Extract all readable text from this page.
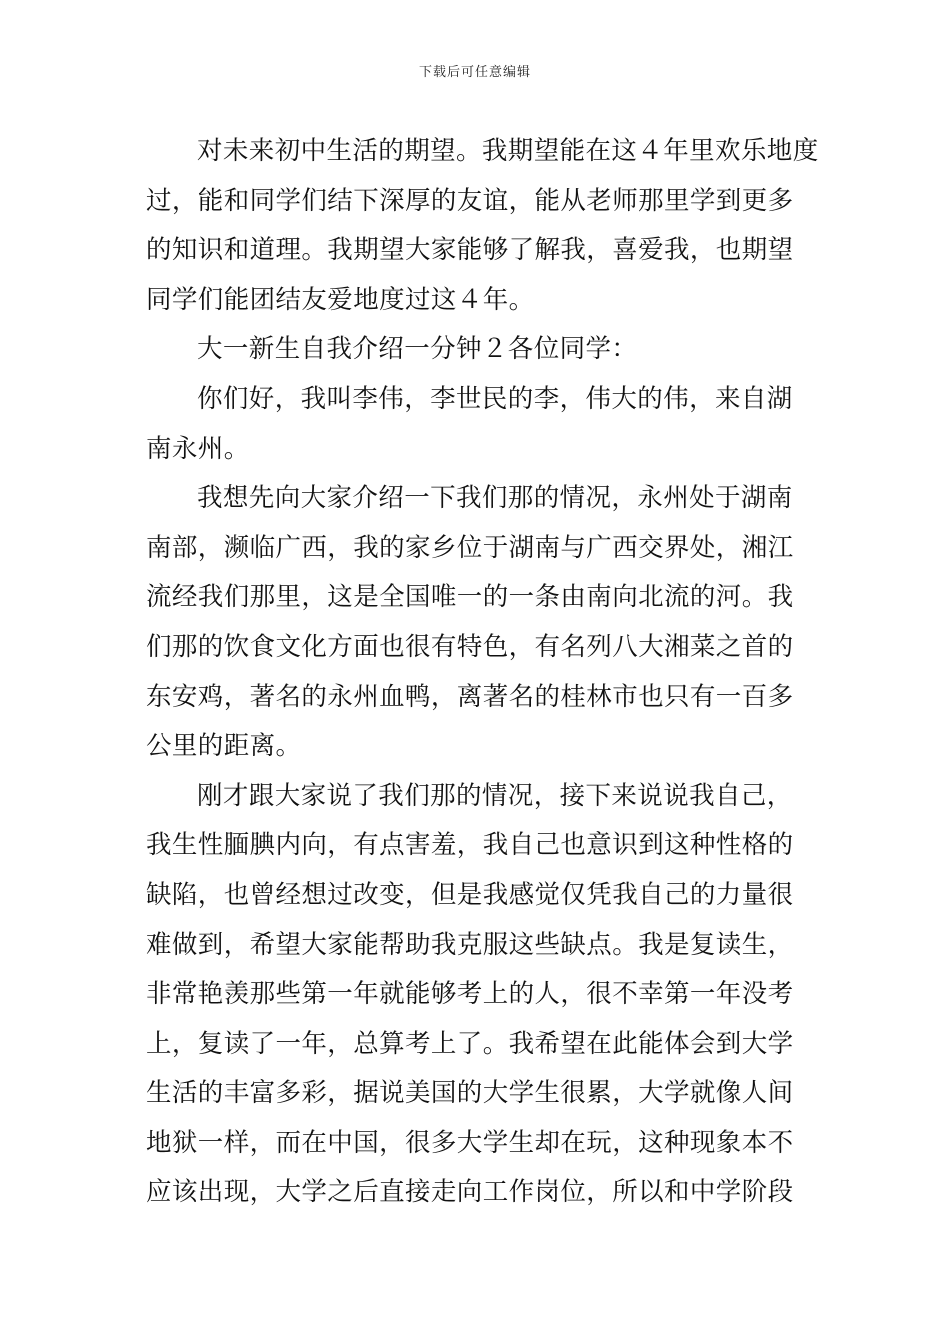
下载后可任意编辑
对未来初中生活的期望。我期望能在这４年里欢乐地度
过，能和同学们结下深厚的友谊，能从老师那里学到更多
的知识和道理。我期望大家能够了解我，喜爱我，也期望
同学们能团结友爱地度过这４年。
大一新生自我介绍一分钟２各位同学：
你们好，我叫李伟，李世民的李，伟大的伟，来自湖
南永州。
我想先向大家介绍一下我们那的情况，永州处于湖南
南部，濒临广西，我的家乡位于湖南与广西交界处，湘江
流经我们那里，这是全国唯一的一条由南向北流的河。我
们那的饮食文化方面也很有特色，有名列八大湘菜之首的
东安鸡，著名的永州血鸭，离著名的桂林市也只有一百多
公里的距离。
刚才跟大家说了我们那的情况，接下来说说我自己，
我生性腼腆内向，有点害羞，我自己也意识到这种性格的
缺陷，也曾经想过改变，但是我感觉仅凭我自己的力量很
难做到，希望大家能帮助我克服这些缺点。我是复读生，
非常艳羡那些第一年就能够考上的人，很不幸第一年没考
上，复读了一年，总算考上了。我希望在此能体会到大学
生活的丰富多彩，据说美国的大学生很累，大学就像人间
地狱一样，而在中国，很多大学生却在玩，这种现象本不
应该出现，大学之后直接走向工作岗位，所以和中学阶段
